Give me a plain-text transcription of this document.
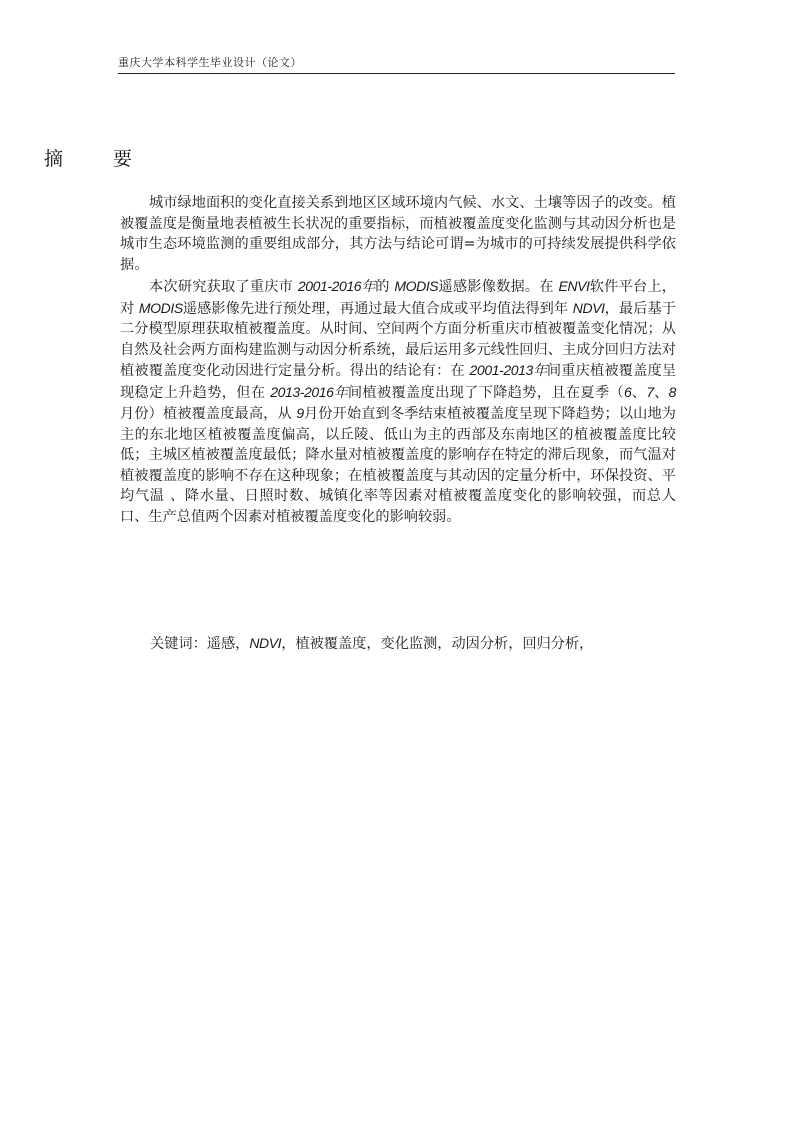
重庆大学本科学生毕业设计（论文）
摘 要

城市绿地面积的变化直接关系到地区区域环境内气候、水文、土壤等因子的改变。植被覆盖度是衡量地表植被生长状况的重要指标，而植被覆盖度变化监测与其动因分析也是城市生态环境监测的重要组成部分，其方法与结论可谓=为城市的可持续发展提供科学依据。

本次研究获取了重庆市 2001-2016年的 MODIS遥感影像数据。在 ENVI软件平台上，对 MODIS遥感影像先进行预处理，再通过最大值合成或平均值法得到年 NDVI，最后基于二分模型原理获取植被覆盖度。从时间、空间两个方面分析重庆市植被覆盖变化情况；从自然及社会两方面构建监测与动因分析系统，最后运用多元线性回归、主成分回归方法对植被覆盖度变化动因进行定量分析。得出的结论有：在 2001-2013年间重庆植被覆盖度呈现稳定上升趋势，但在 2013-2016年间植被覆盖度出现了下降趋势，且在夏季（6、7、8月份）植被覆盖度最高，从 9月份开始直到冬季结束植被覆盖度呈现下降趋势；以山地为主的东北地区植被覆盖度偏高，以丘陵、低山为主的西部及东南地区的植被覆盖度比较低；主城区植被覆盖度最低；降水量对植被覆盖度的影响存在特定的滞后现象，而气温对植被覆盖度的影响不存在这种现象；在植被覆盖度与其动因的定量分析中，环保投资、平均气温 、降水量、日照时数、城镇化率等因素对植被覆盖度变化的影响较强，而总人口、生产总值两个因素对植被覆盖度变化的影响较弱。

关键词：遥感，NDVI，植被覆盖度，变化监测，动因分析，回归分析，
